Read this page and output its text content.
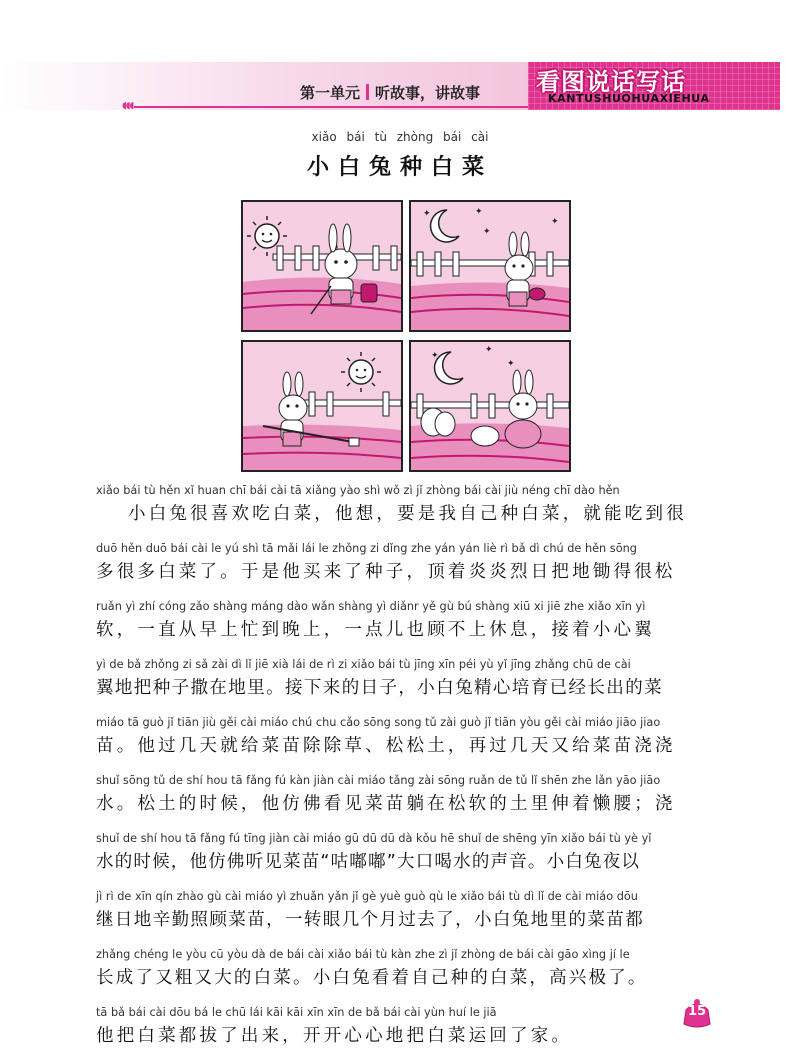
◖◖◖
第一单元 听故事，讲故事 看图说话写话
KANTUSHUOHUAXIEHUA
xiǎo bái tù zhòng bái cài
小白兔种白菜
✦	✦
✦
✦
✦
✦
✦
xiǎo bái tù hěn xǐ huan chī bái cài tā xiǎng yào shì wǒ zì jǐ zhòng bái cài jiù néng chī dào hěn
小白兔很喜欢吃白菜，他想，要是我自己种白菜，就能吃到很
duō hěn duō bái cài le yú shì tā mǎi lái le zhǒng zi dǐng zhe yán yán liè rì bǎ dì chú de hěn sōng
多很多白菜了。于是他买来了种子，顶着炎炎烈日把地锄得很松
ruǎn yì zhí cóng zǎo shàng máng dào wǎn shàng yì diǎnr yě gù bú shàng xiū xi jiē zhe xiǎo xīn yì
软，一直从早上忙到晚上，一点儿也顾不上休息，接着小心翼
yì de bǎ zhǒng zi sǎ zài dì lǐ jiē xià lái de rì zi xiǎo bái tù jīng xīn péi yù yǐ jīng zhǎng chū de cài
翼地把种子撒在地里。接下来的日子，小白兔精心培育已经长出的菜
miáo tā guò jǐ tiān jiù gěi cài miáo chú chu cǎo sōng song tǔ zài guò jǐ tiān yòu gěi cài miáo jiāo jiao
苗。他过几天就给菜苗除除草、松松土，再过几天又给菜苗浇浇
shuǐ sōng tǔ de shí hou tā fǎng fú kàn jiàn cài miáo tǎng zài sōng ruǎn de tǔ lǐ shēn zhe lǎn yāo jiāo
水。松土的时候，他仿佛看见菜苗躺在松软的土里伸着懒腰；浇
shuǐ de shí hou tā fǎng fú tīng jiàn cài miáo gū dū dū dà kǒu hē shuǐ de shēng yīn xiǎo bái tù yè yǐ
水的时候，他仿佛听见菜苗“咕嘟嘟”大口喝水的声音。小白兔夜以
jì rì de xīn qín zhào gù cài miáo yì zhuǎn yǎn jǐ gè yuè guò qù le xiǎo bái tù dì lǐ de cài miáo dōu
继日地辛勤照顾菜苗，一转眼几个月过去了，小白兔地里的菜苗都
zhǎng chéng le yòu cū yòu dà de bái cài xiǎo bái tù kàn zhe zì jǐ zhòng de bái cài gāo xìng jí le
长成了又粗又大的白菜。小白兔看着自己种的白菜，高兴极了。
tā bǎ bái cài dōu bá le chū lái kāi kāi xīn xīn de bǎ bái cài yùn huí le jiā
他把白菜都拔了出来，开开心心地把白菜运回了家。
15
